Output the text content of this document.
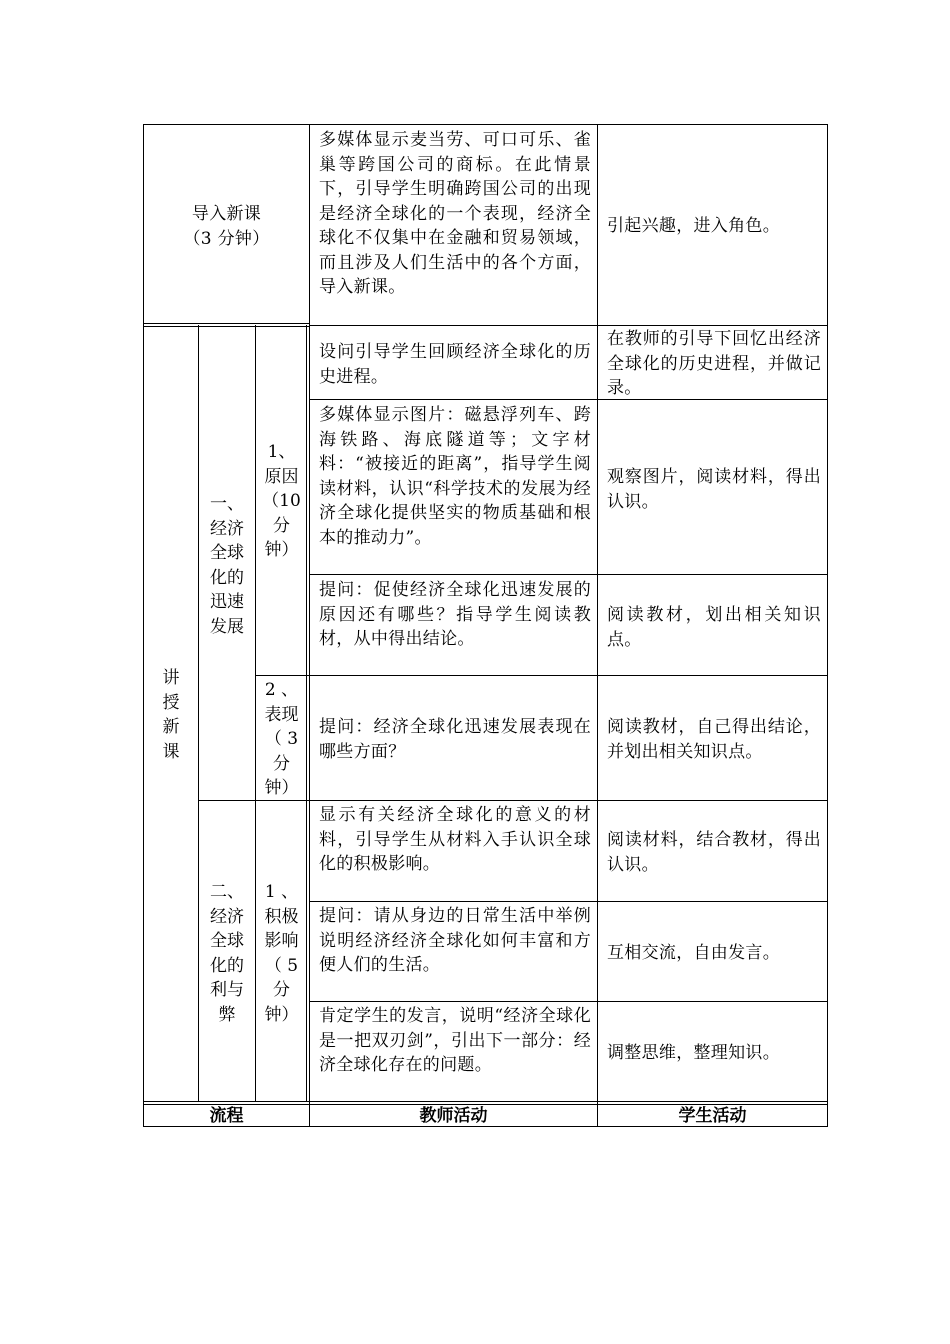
导入新课
（3 分钟）
多媒体显示麦当劳、可口可乐、雀巢等跨国公司的商标。在此情景下，引导学生明确跨国公司的出现是经济全球化的一个表现，经济全球化不仅集中在金融和贸易领域，而且涉及人们生活中的各个方面，导入新课。
引起兴趣，进入角色。
讲
授
新
课
一、
经济
全球
化的
迅速
发展
1、
原因
（10
分
钟）
2 、
表现
（ 3
分
钟）
设问引导学生回顾经济全球化的历史进程。
在教师的引导下回忆出经济全球化的历史进程，并做记录。
多媒体显示图片：磁悬浮列车、跨海铁路、海底隧道等；文字材料：“被接近的距离”，指导学生阅读材料，认识“科学技术的发展为经济全球化提供坚实的物质基础和根本的推动力”。
观察图片，阅读材料，得出认识。
提问：促使经济全球化迅速发展的原因还有哪些？指导学生阅读教材，从中得出结论。
阅读教材，划出相关知识点。
提问：经济全球化迅速发展表现在哪些方面？
阅读教材，自己得出结论，并划出相关知识点。
二、
经济
全球
化的
利与
弊
1 、
积极
影响
（ 5
分
钟）
显示有关经济全球化的意义的材料，引导学生从材料入手认识全球化的积极影响。
阅读材料，结合教材，得出认识。
提问：请从身边的日常生活中举例说明经济经济全球化如何丰富和方便人们的生活。
互相交流，自由发言。
肯定学生的发言，说明“经济全球化是一把双刃剑”，引出下一部分：经济全球化存在的问题。
调整思维，整理知识。
流程	教师活动	学生活动
